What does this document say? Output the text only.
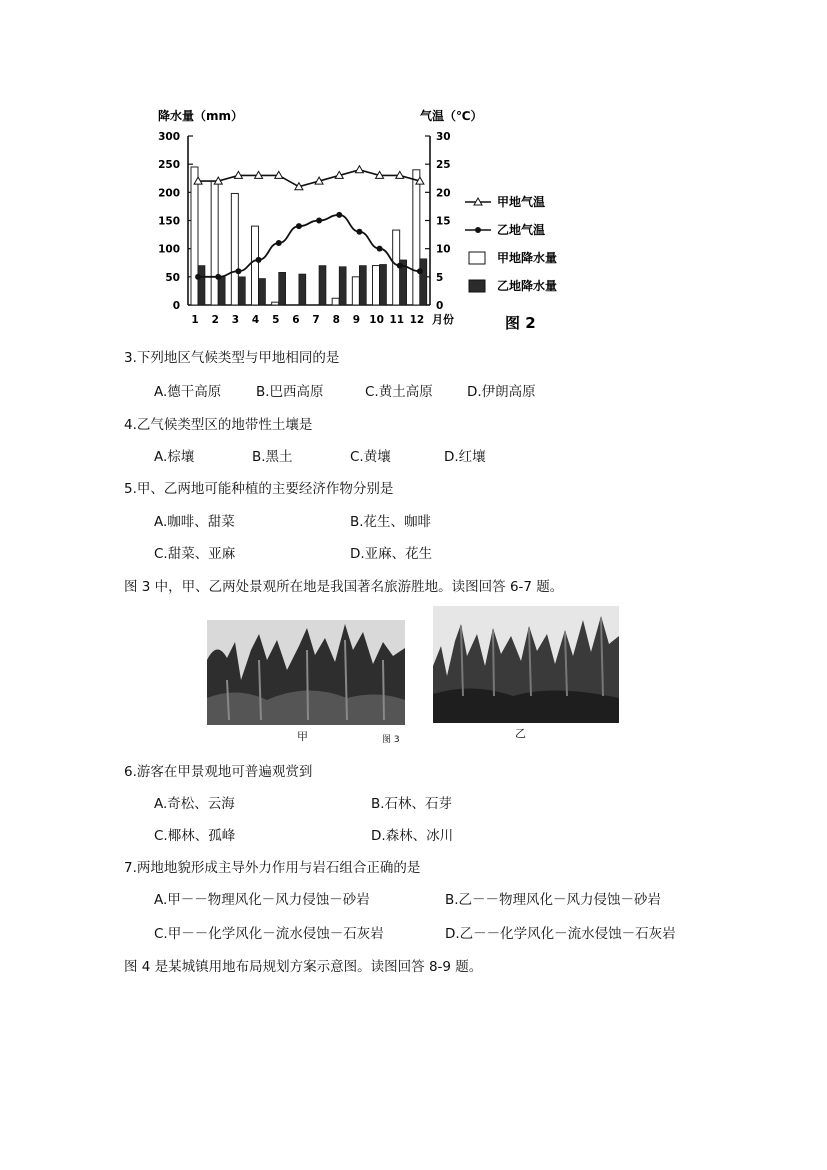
降水量（mm）	气温（℃）
0
50
100
150
200
250
300
0
5
10
15
20
25
30
1 2 3 4 5 6 7 8 9 10 11 12 月份
甲地气温
乙地气温
甲地降水量
乙地降水量
图 2
3.下列地区气候类型与甲地相同的是
A.德干高原	B.巴西高原	C.黄土高原	D.伊朗高原
4.乙气候类型区的地带性土壤是
A.棕壤	B.黑土	C.黄壤	D.红壤
5.甲、乙两地可能种植的主要经济作物分别是
A.咖啡、甜菜	B.花生、咖啡
C.甜菜、亚麻	D.亚麻、花生
图 3 中，甲、乙两处景观所在地是我国著名旅游胜地。读图回答 6-7 题。
甲	图 3	乙
6.游客在甲景观地可普遍观赏到
A.奇松、云海	B.石林、石芽
C.椰林、孤峰	D.森林、冰川
7.两地地貌形成主导外力作用与岩石组合正确的是
A.甲－－物理风化－风力侵蚀－砂岩	B.乙－－物理风化－风力侵蚀－砂岩
C.甲－－化学风化－流水侵蚀－石灰岩	D.乙－－化学风化－流水侵蚀－石灰岩
图 4 是某城镇用地布局规划方案示意图。读图回答 8-9 题。
